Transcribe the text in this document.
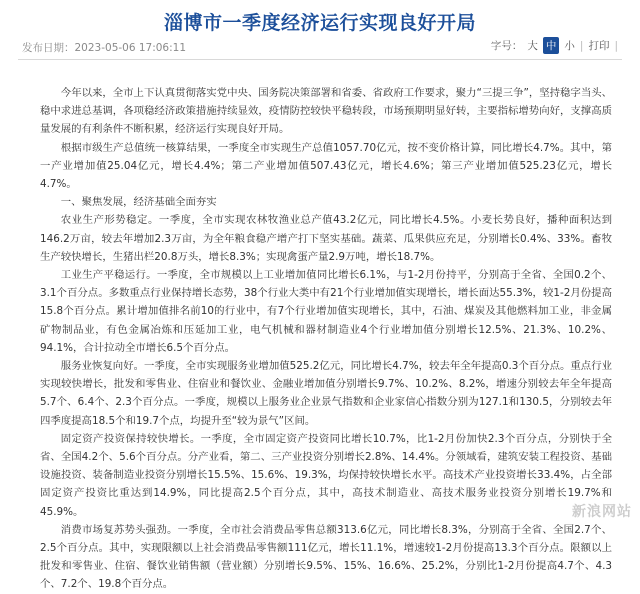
淄博市一季度经济运行实现良好开局
发布日期：2023-05-06 17:06:11	字号： 大 中 小 | 打印 |

今年以来，全市上下认真贯彻落实党中央、国务院决策部署和省委、省政府工作要求，聚力“三提三争”，坚持稳字当头、稳中求进总基调，各项稳经济政策措施持续显效，疫情防控较快平稳转段，市场预期明显好转，主要指标增势向好，支撑高质量发展的有利条件不断积累，经济运行实现良好开局。

根据市级生产总值统一核算结果，一季度全市实现生产总值1057.70亿元，按不变价格计算，同比增长4.7%。其中，第一产业增加值25.04亿元，增长4.4%；第二产业增加值507.43亿元，增长4.6%；第三产业增加值525.23亿元，增长4.7%。

一、聚焦发展，经济基础全面夯实

农业生产形势稳定。一季度，全市实现农林牧渔业总产值43.2亿元，同比增长4.5%。小麦长势良好，播种面积达到146.2万亩，较去年增加2.3万亩，为全年粮食稳产增产打下坚实基础。蔬菜、瓜果供应充足，分别增长0.4%、33%。畜牧生产较快增长，生猪出栏20.8万头，增长8.3%；实现禽蛋产量2.9万吨，增长18.7%。

工业生产平稳运行。一季度，全市规模以上工业增加值同比增长6.1%，与1-2月份持平，分别高于全省、全国0.2个、3.1个百分点。多数重点行业保持增长态势，38个行业大类中有21个行业增加值实现增长，增长面达55.3%，较1-2月份提高15.8个百分点。累计增加值排名前10的行业中，有7个行业增加值实现增长，其中，石油、煤炭及其他燃料加工业，非金属矿物制品业，有色金属冶炼和压延加工业，电气机械和器材制造业4个行业增加值分别增长12.5%、21.3%、10.2%、94.1%，合计拉动全市增长6.5个百分点。

服务业恢复向好。一季度，全市实现服务业增加值525.2亿元，同比增长4.7%，较去年全年提高0.3个百分点。重点行业实现较快增长，批发和零售业、住宿业和餐饮业、金融业增加值分别增长9.7%、10.2%、8.2%，增速分别较去年全年提高5.7个、6.4个、2.3个百分点。一季度，规模以上服务业企业景气指数和企业家信心指数分别为127.1和130.5，分别较去年四季度提高18.5个和19.7个点，均提升至“较为景气”区间。

固定资产投资保持较快增长。一季度，全市固定资产投资同比增长10.7%，比1-2月份加快2.3个百分点，分别快于全省、全国4.2个、5.6个百分点。分产业看，第二、三产业投资分别增长2.8%、14.4%。分领域看，建筑安装工程投资、基础设施投资、装备制造业投资分别增长15.5%、15.6%、19.3%，均保持较快增长水平。高技术产业投资增长33.4%，占全部固定资产投资比重达到14.9%，同比提高2.5个百分点，其中，高技术制造业、高技术服务业投资分别增长19.7%和45.9%。

消费市场复苏势头强劲。一季度，全市社会消费品零售总额313.6亿元，同比增长8.3%，分别高于全省、全国2.7个、2.5个百分点。其中，实现限额以上社会消费品零售额111亿元，增长11.1%，增速较1-2月份提高13.3个百分点。限额以上批发和零售业、住宿、餐饮业销售额（营业额）分别增长9.5%、15%、16.6%、25.2%，分别比1-2月份提高4.7个、4.3个、7.2个、19.8个百分点。

新浪网站
